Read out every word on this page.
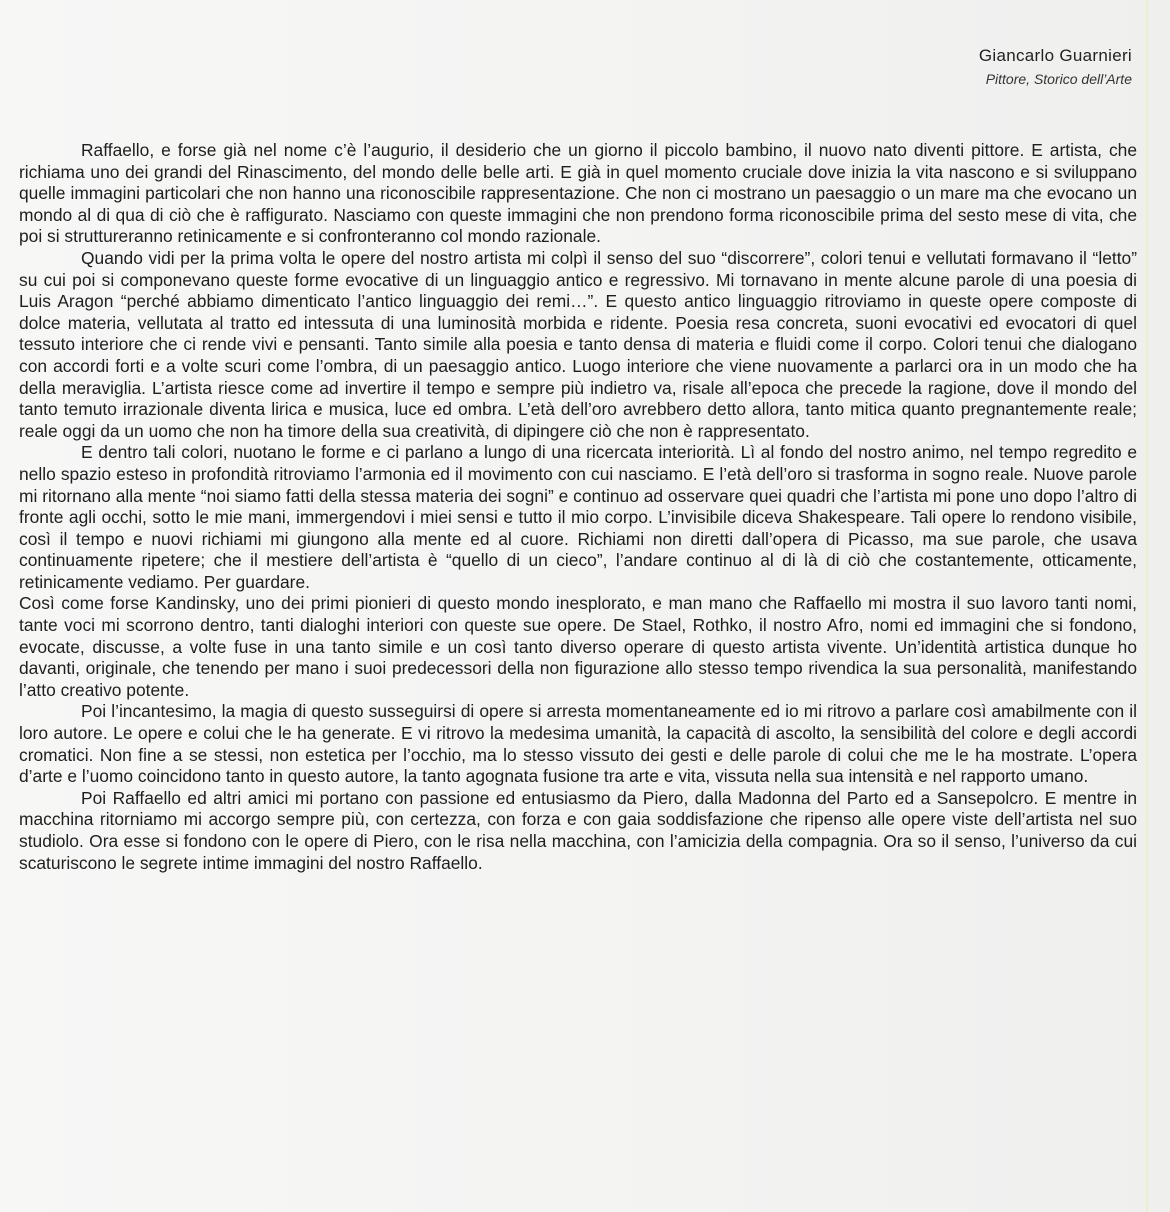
Giancarlo Guarnieri
Pittore, Storico dell’Arte

Raffaello, e forse già nel nome c’è l’augurio, il desiderio che un giorno il piccolo bambino, il nuovo nato diventi pittore. E artista, che richiama uno dei grandi del Rinascimento, del mondo delle belle arti. E già in quel momento cruciale dove inizia la vita nascono e si sviluppano quelle immagini particolari che non hanno una riconoscibile rappresentazione. Che non ci mostrano un paesaggio o un mare ma che evocano un mondo al di qua di ciò che è raffigurato. Nasciamo con queste immagini che non prendono forma riconoscibile prima del sesto mese di vita, che poi si struttureranno retinicamente e si confronteranno col mondo razionale.

Quando vidi per la prima volta le opere del nostro artista mi colpì il senso del suo “discorrere”, colori tenui e vellutati formavano il “letto” su cui poi si componevano queste forme evocative di un linguaggio antico e regressivo. Mi tornavano in mente alcune parole di una poesia di Luis Aragon “perché abbiamo dimenticato l’antico linguaggio dei remi…”. E questo antico linguaggio ritroviamo in queste opere composte di dolce materia, vellutata al tratto ed intessuta di una luminosità morbida e ridente. Poesia resa concreta, suoni evocativi ed evocatori di quel tessuto interiore che ci rende vivi e pensanti. Tanto simile alla poesia e tanto densa di materia e fluidi come il corpo. Colori tenui che dialogano con accordi forti e a volte scuri come l’ombra, di un paesaggio antico. Luogo interiore che viene nuovamente a parlarci ora in un modo che ha della meraviglia. L’artista riesce come ad invertire il tempo e sempre più indietro va, risale all’epoca che precede la ragione, dove il mondo del tanto temuto irrazionale diventa lirica e musica, luce ed ombra. L’età dell’oro avrebbero detto allora, tanto mitica quanto pregnantemente reale; reale oggi da un uomo che non ha timore della sua creatività, di dipingere ciò che non è rappresentato.

E dentro tali colori, nuotano le forme e ci parlano a lungo di una ricercata interiorità. Lì al fondo del nostro animo, nel tempo regredito e nello spazio esteso in profondità ritroviamo l’armonia ed il movimento con cui nasciamo. E l’età dell’oro si trasforma in sogno reale. Nuove parole mi ritornano alla mente “noi siamo fatti della stessa materia dei sogni” e continuo ad osservare quei quadri che l’artista mi pone uno dopo l’altro di fronte agli occhi, sotto le mie mani, immergendovi i miei sensi e tutto il mio corpo. L’invisibile diceva Shakespeare. Tali opere lo rendono visibile, così il tempo e nuovi richiami mi giungono alla mente ed al cuore. Richiami non diretti dall’opera di Picasso, ma sue parole, che usava continuamente ripetere; che il mestiere dell’artista è “quello di un cieco”, l’andare continuo al di là di ciò che costantemente, otticamente, retinicamente vediamo. Per guardare.

Così come forse Kandinsky, uno dei primi pionieri di questo mondo inesplorato, e man mano che Raffaello mi mostra il suo lavoro tanti nomi, tante voci mi scorrono dentro, tanti dialoghi interiori con queste sue opere. De Stael, Rothko, il nostro Afro, nomi ed immagini che si fondono, evocate, discusse, a volte fuse in una tanto simile e un così tanto diverso operare di questo artista vivente. Un’identità artistica dunque ho davanti, originale, che tenendo per mano i suoi predecessori della non figurazione allo stesso tempo rivendica la sua personalità, manifestando l’atto creativo potente.

Poi l’incantesimo, la magia di questo susseguirsi di opere si arresta momentaneamente ed io mi ritrovo a parlare così amabilmente con il loro autore. Le opere e colui che le ha generate. E vi ritrovo la medesima umanità, la capacità di ascolto, la sensibilità del colore e degli accordi cromatici. Non fine a se stessi, non estetica per l’occhio, ma lo stesso vissuto dei gesti e delle parole di colui che me le ha mostrate. L’opera d’arte e l’uomo coincidono tanto in questo autore, la tanto agognata fusione tra arte e vita, vissuta nella sua intensità e nel rapporto umano.

Poi Raffaello ed altri amici mi portano con passione ed entusiasmo da Piero, dalla Madonna del Parto ed a Sansepolcro. E mentre in macchina ritorniamo mi accorgo sempre più, con certezza, con forza e con gaia soddisfazione che ripenso alle opere viste dell’artista nel suo studiolo. Ora esse si fondono con le opere di Piero, con le risa nella macchina, con l’amicizia della compagnia. Ora so il senso, l’universo da cui scaturiscono le segrete intime immagini del nostro Raffaello.
